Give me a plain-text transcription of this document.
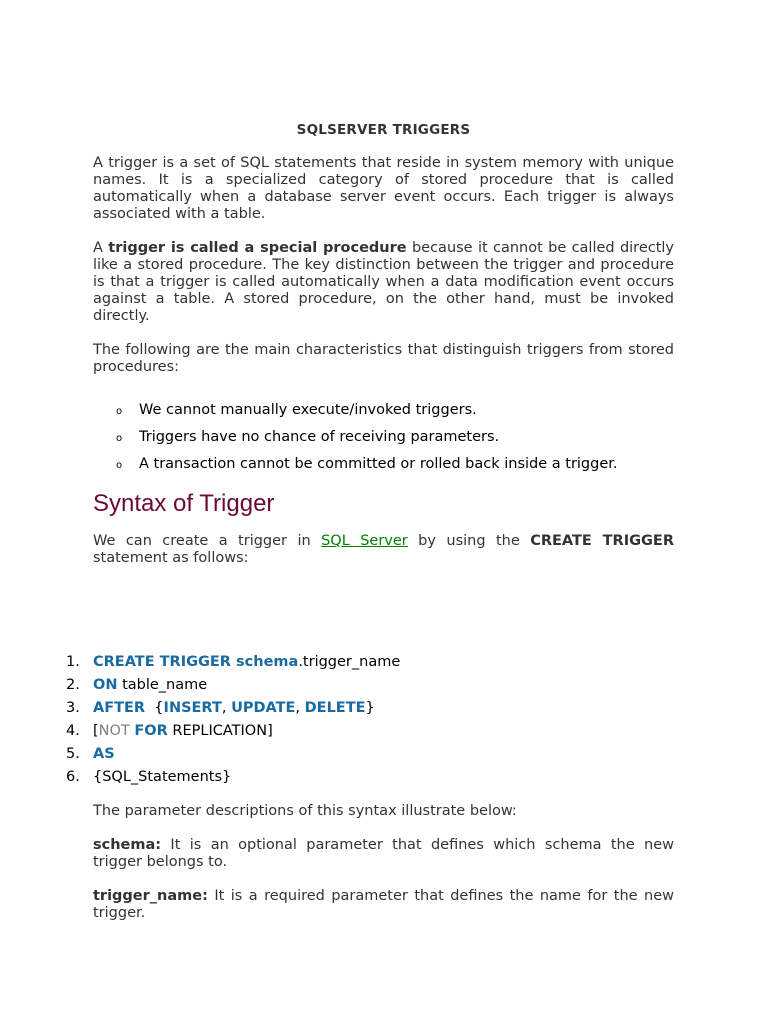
SQLSERVER TRIGGERS

A trigger is a set of SQL statements that reside in system memory with unique names. It is a specialized category of stored procedure that is called automatically when a database server event occurs. Each trigger is always associated with a table.

A trigger is called a special procedure because it cannot be called directly like a stored procedure. The key distinction between the trigger and procedure is that a trigger is called automatically when a data modification event occurs against a table. A stored procedure, on the other hand, must be invoked directly.

The following are the main characteristics that distinguish triggers from stored procedures:

o We cannot manually execute/invoked triggers.
o Triggers have no chance of receiving parameters.
o A transaction cannot be committed or rolled back inside a trigger.
Syntax of Trigger

We can create a trigger in SQL Server by using the CREATE TRIGGER statement as follows:

1. CREATE TRIGGER schema.trigger_name
2. ON table_name
3. AFTER  {INSERT, UPDATE, DELETE}
4. [NOT FOR REPLICATION]
5. AS
6. {SQL_Statements}

The parameter descriptions of this syntax illustrate below:

schema: It is an optional parameter that defines which schema the new trigger belongs to.

trigger_name: It is a required parameter that defines the name for the new trigger.
